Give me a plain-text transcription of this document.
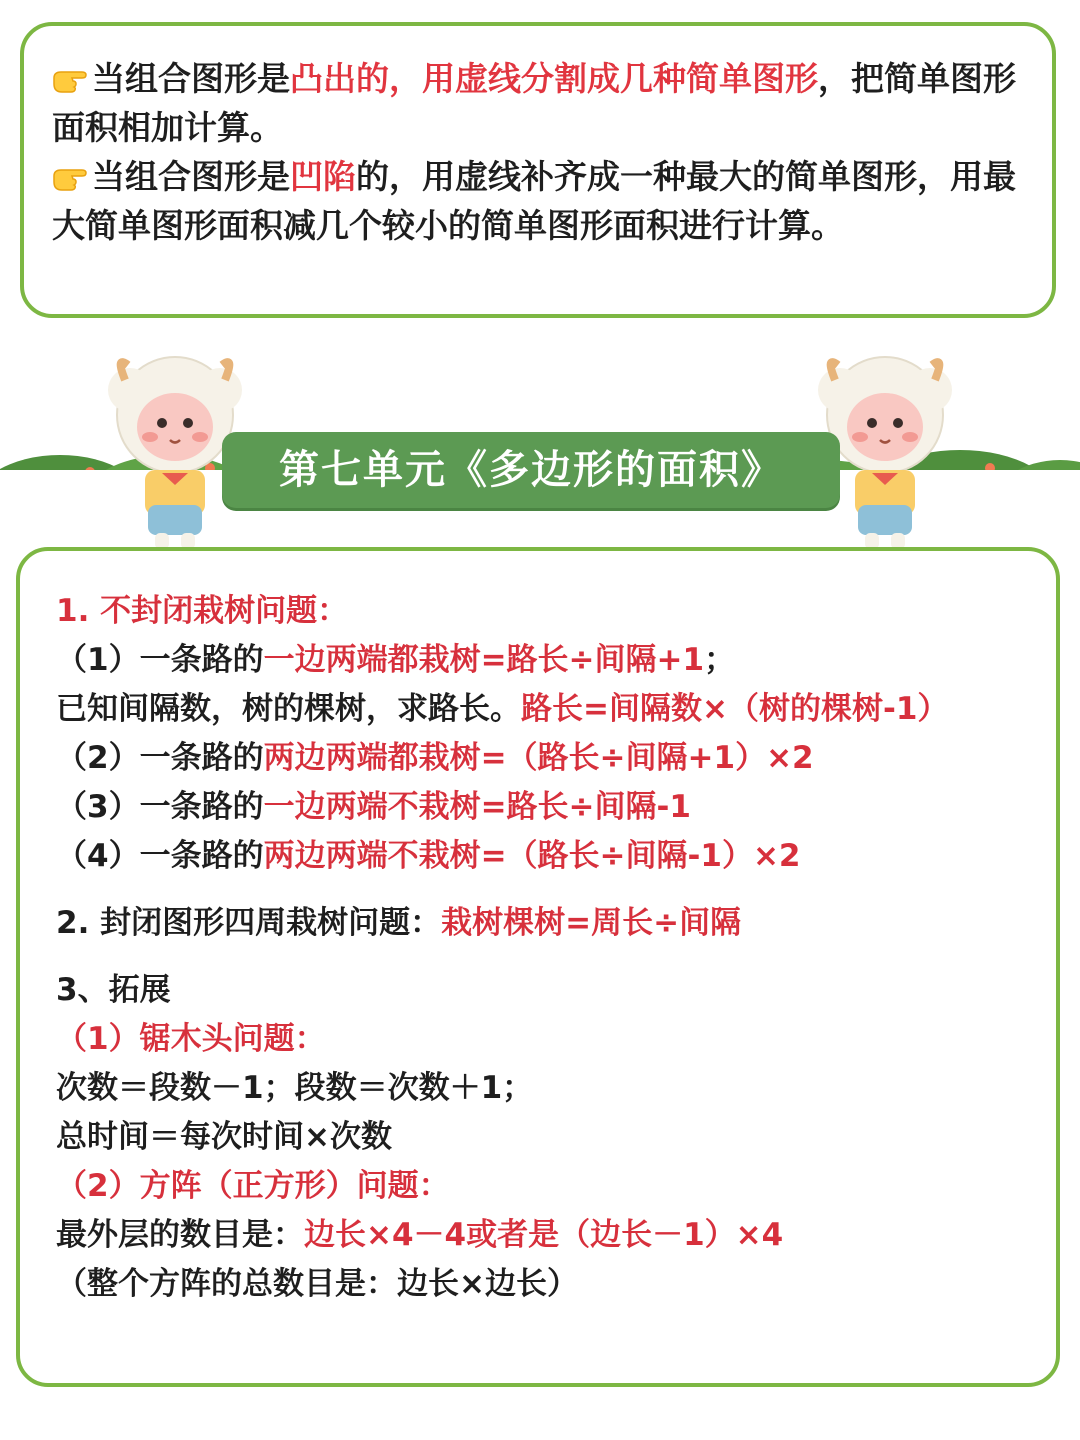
当组合图形是凸出的，用虚线分割成几种简单图形，把简单图形面积相加计算。

当组合图形是凹陷的，用虚线补齐成一种最大的简单图形，用最大简单图形面积减几个较小的简单图形面积进行计算。

第七单元《多边形的面积》

1. 不封闭栽树问题：

（1）一条路的一边两端都栽树=路长÷间隔+1；

已知间隔数，树的棵树，求路长。路长=间隔数×（树的棵树-1）

（2）一条路的两边两端都栽树=（路长÷间隔+1）×2

（3）一条路的一边两端不栽树=路长÷间隔-1

（4）一条路的两边两端不栽树=（路长÷间隔-1）×2

2. 封闭图形四周栽树问题：栽树棵树=周长÷间隔

3、拓展

（1）锯木头问题：

次数＝段数－1；段数＝次数＋1；

总时间＝每次时间×次数

（2）方阵（正方形）问题：

最外层的数目是：边长×4－4或者是（边长－1）×4

（整个方阵的总数目是：边长×边长）
